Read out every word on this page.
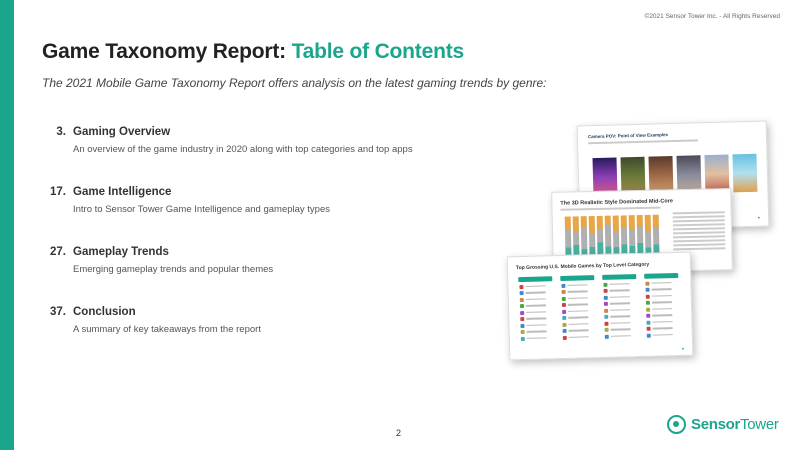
©2021 Sensor Tower Inc. - All Rights Reserved
Game Taxonomy Report: Table of Contents
The 2021 Mobile Game Taxonomy Report offers analysis on the latest gaming trends by genre:
3. Gaming Overview
An overview of the game industry in 2020 along with top categories and top apps
17. Game Intelligence
Intro to Sensor Tower Game Intelligence and gameplay types
27. Gameplay Trends
Emerging gameplay trends and popular themes
37. Conclusion
A summary of key takeaways from the report
Camera POV: Point of View Examples
●
The 3D Realistic Style Dominated Mid-Core
Top Grossing U.S. Mobile Games by Top Level Category
●
2
SensorTower
